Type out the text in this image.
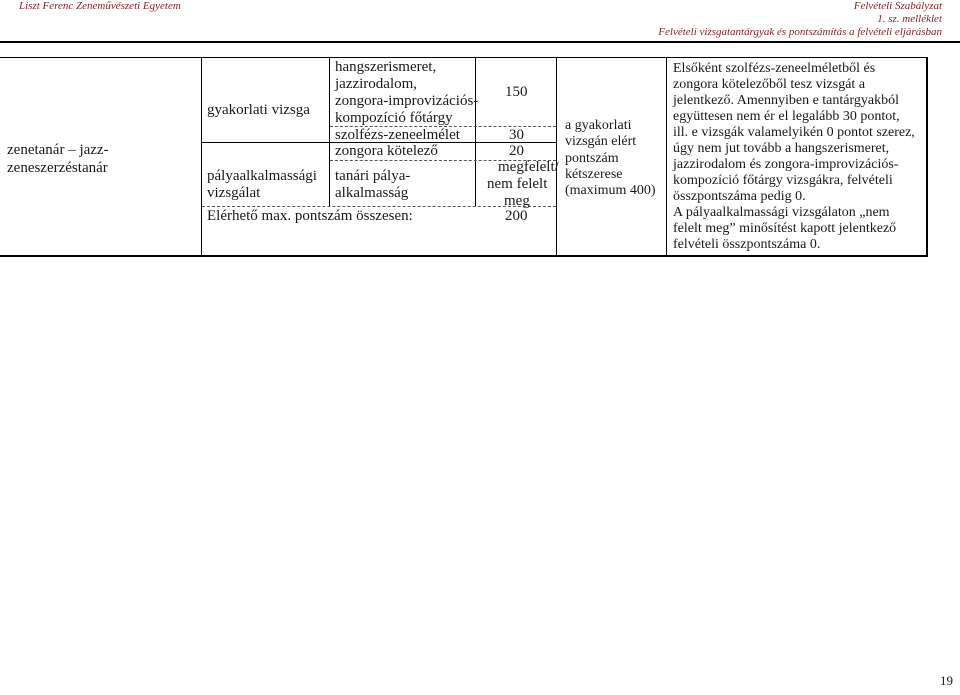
Liszt Ferenc Zeneművészeti Egyetem	Felvételi Szabályzat
1. sz. melléklet
Felvételi vizsgatantárgyak és pontszámítás a felvételi eljárásban
zenetanár – jazz-
zeneszerzéstanár
gyakorlati vizsga
pályaalkalmassági
vizsgálat
hangszerismeret,
jazzirodalom,
zongora-improvizációs-
kompozíció főtárgy
szolfézs-zeneelmélet
zongora kötelező
tanári pálya-
alkalmasság
150
30
20
megfelelt/
nem felelt
meg
Elérhető max. pontszám összesen:	200
a gyakorlati
vizsgán elért
pontszám
kétszerese
(maximum 400)
Elsőként szolfézs-zeneelméletből és
zongora kötelezőből tesz vizsgát a
jelentkező. Amennyiben e tantárgyakból
együttesen nem ér el legalább 30 pontot,
ill. e vizsgák valamelyikén 0 pontot szerez,
úgy nem jut tovább a hangszerismeret,
jazzirodalom és zongora-improvizációs-
kompozíció főtárgy vizsgákra, felvételi
összpontszáma pedig 0.
A pályaalkalmassági vizsgálaton „nem
felelt meg” minősítést kapott jelentkező
felvételi összpontszáma 0.
19
